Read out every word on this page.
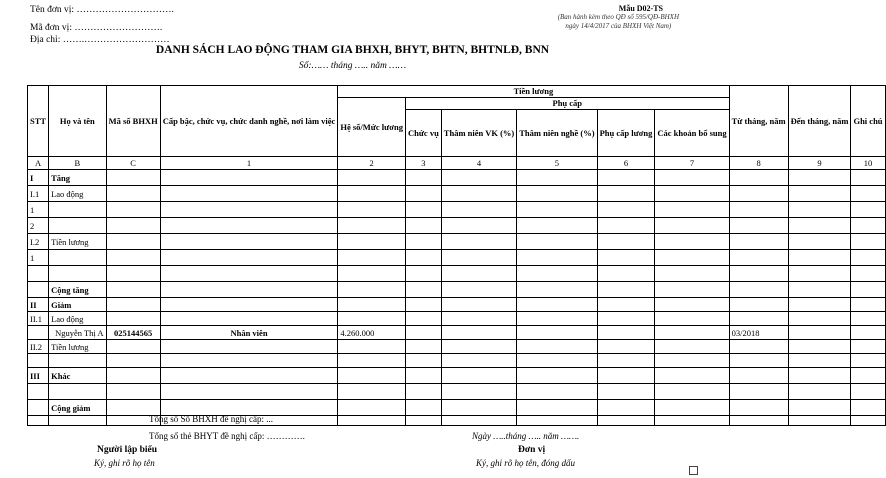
Tên đơn vị: ………………………….
Mã đơn vị: ……………………….
Địa chỉ: …….………………………
Mẫu D02-TS
(Ban hành kèm theo QĐ số 595/QĐ-BHXH
ngày 14/4/2017 của BHXH Việt Nam)
DANH SÁCH LAO ĐỘNG THAM GIA BHXH, BHYT, BHTN, BHTNLĐ, BNN
Số:…… tháng ….. năm ……
STT	Họ và tên	Mã số BHXH	Cấp bậc, chức vụ, chức danh nghề, nơi làm việc	Tiền lương						Từ tháng, năm	Đến tháng, năm	Ghi chú
				Hệ số/Mức lương	Phụ cấp							
					Chức vụ	Thâm niên VK (%)	Thâm niên nghề (%)	Phụ cấp lương	Các khoản bổ sung			
A	B	C	1	2	3	4	5	6	7	8	9	10
I	Tăng											
I.1	Lao động											
1												
2												
I.2	Tiền lương											
1												

	Cộng tăng											
II	Giảm											
II.1	Lao động											
	Nguyễn Thị A	025144565	Nhân viên	4.260.000						03/2018		
II.2	Tiền lương											

III	Khác											

	Cộng giảm											

Tổng số Sổ BHXH đề nghị cấp: ...
Tổng số thẻ BHYT đề nghị cấp: ………….	Ngày …..tháng ….. năm …….
Người lập biểu
Ký, ghi rõ họ tên
Đơn vị
Ký, ghi rõ họ tên, đóng dấu
